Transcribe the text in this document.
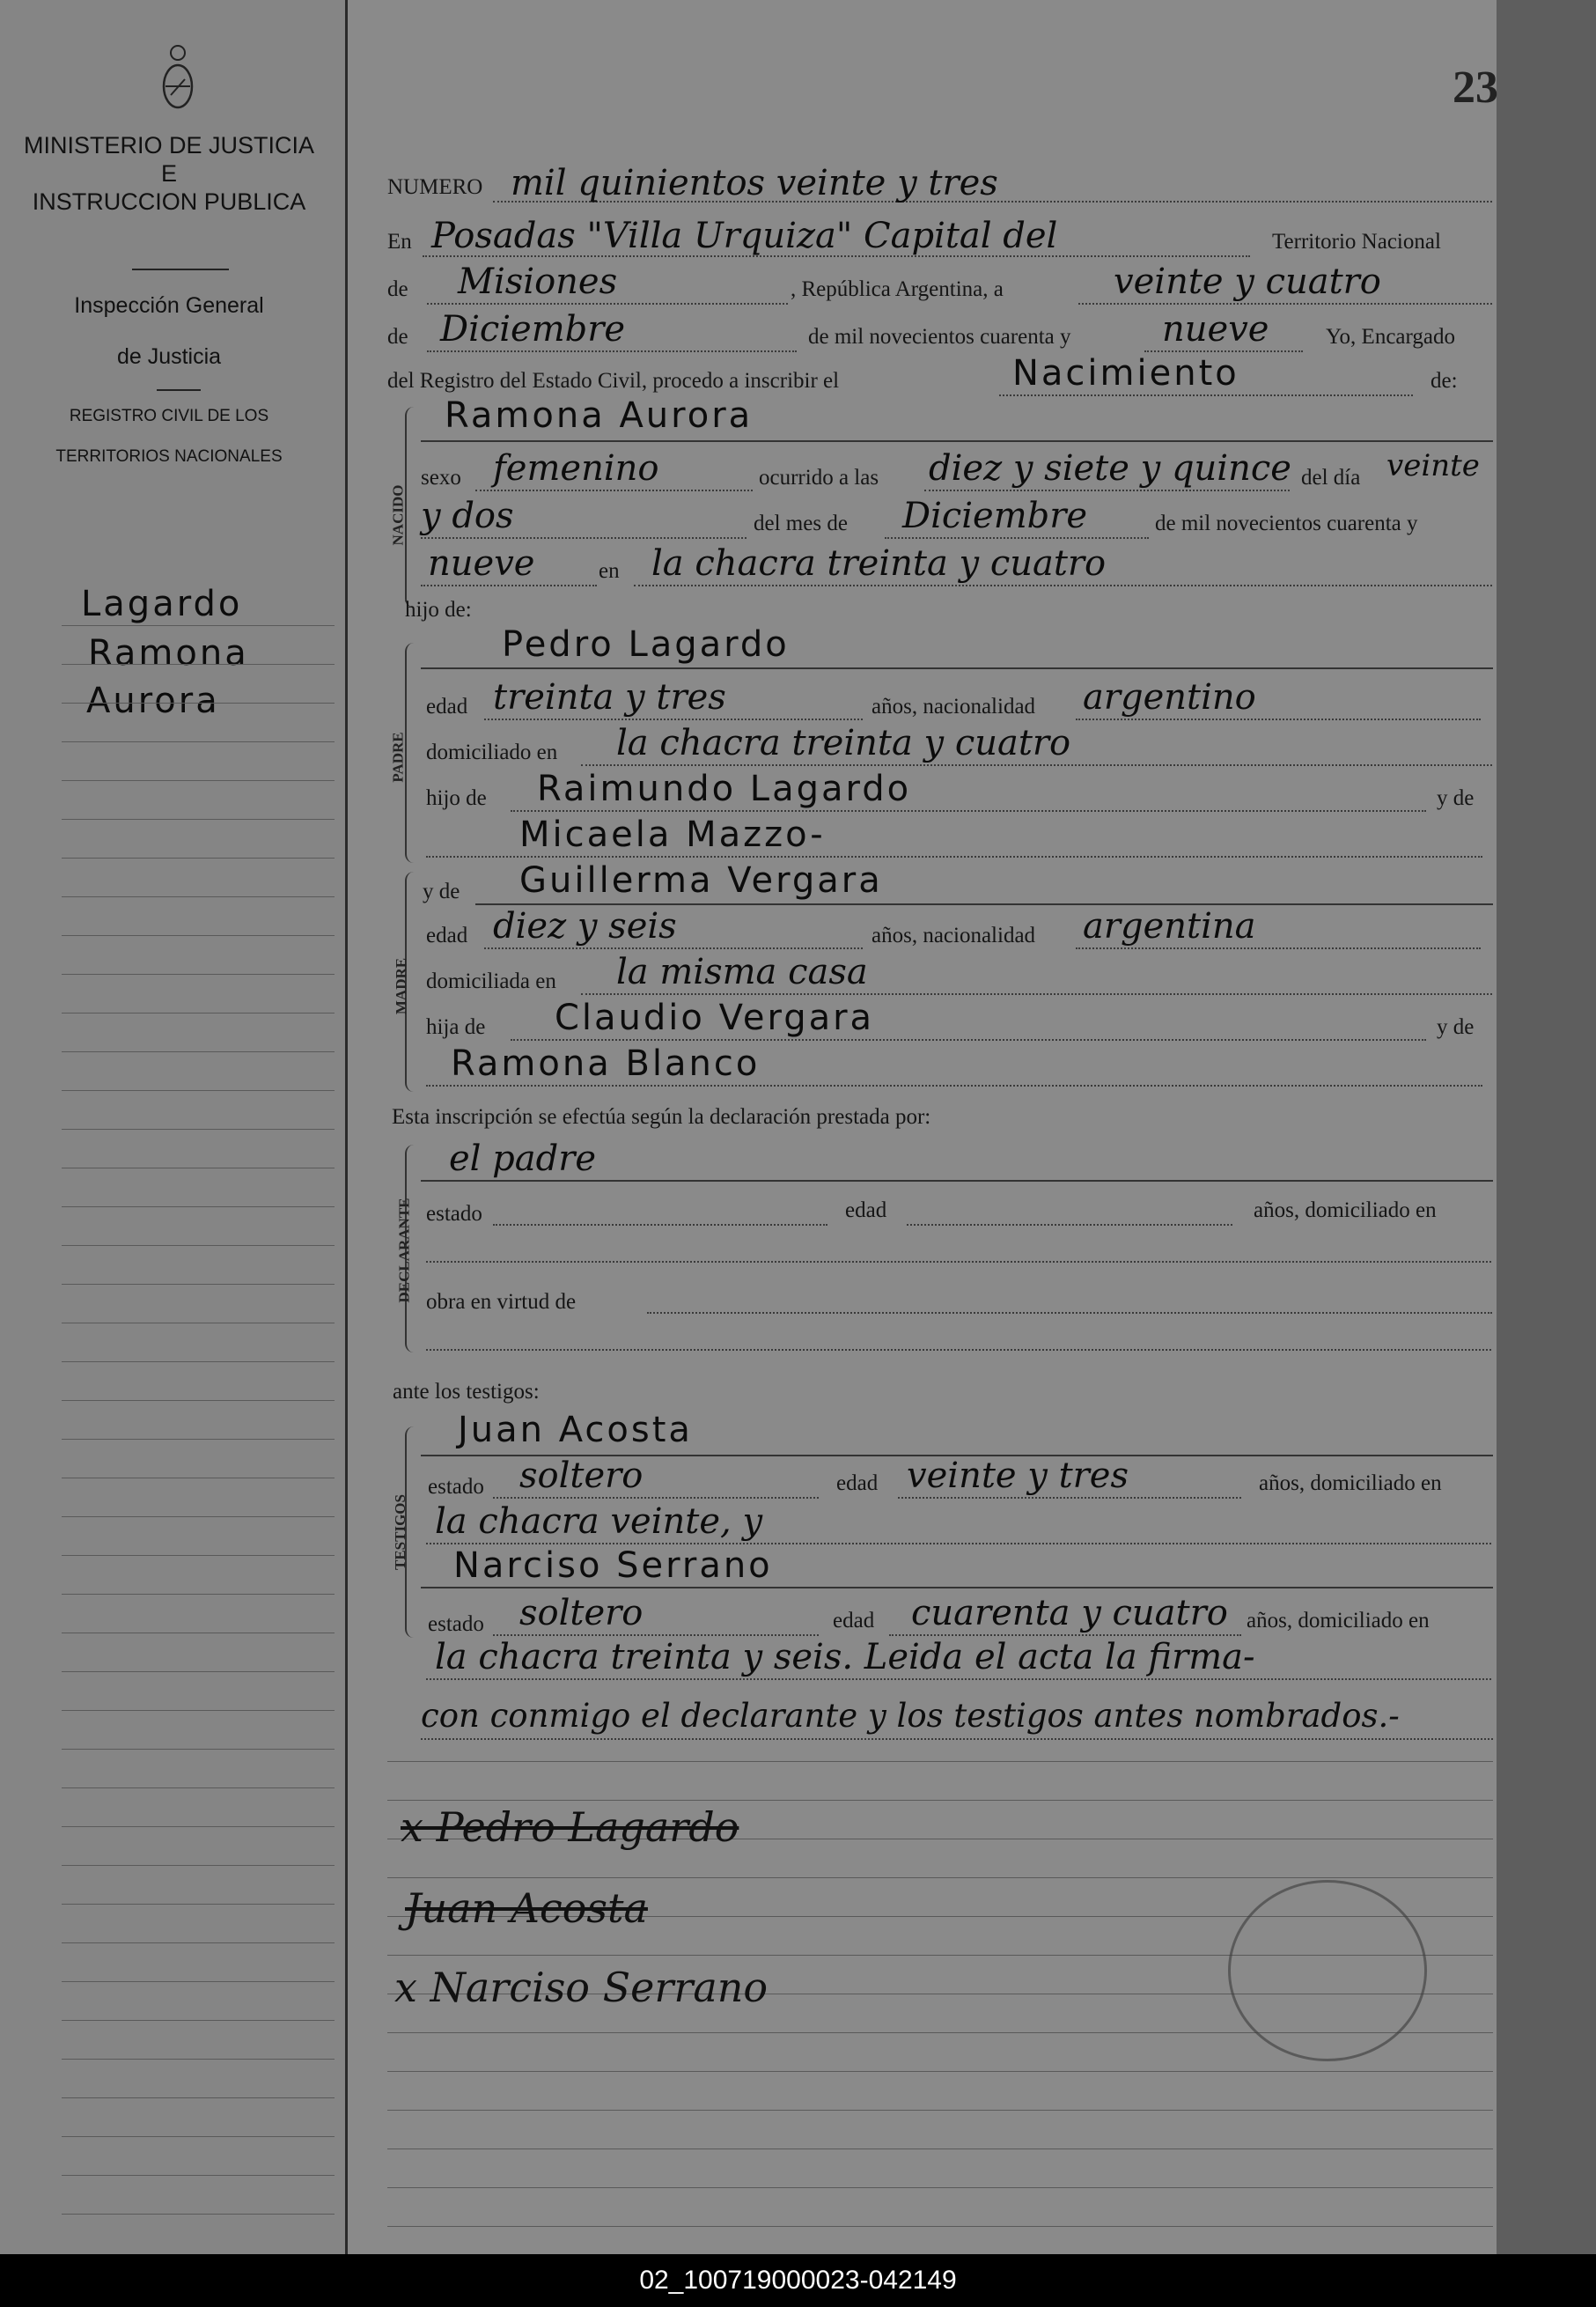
MINISTERIO DE JUSTICIA
E
INSTRUCCION PUBLICA
Inspección General
de Justicia
REGISTRO CIVIL DE LOS
TERRITORIOS NACIONALES
Lagardo
Ramona
Aurora
23
NUMERO mil quinientos veinte y tres
En Posadas "Villa Urquiza" Capital del	Territorio Nacional
de Misiones	, República Argentina, a	veinte y cuatro
de Diciembre	de mil novecientos cuarenta y	nueve	Yo, Encargado
del Registro del Estado Civil, procedo a inscribir el	Nacimiento	de:
NACIDO
Ramona Aurora
sexo femenino	ocurrido a las diez y siete y quince del día veinte
y dos	del mes de Diciembre	de mil novecientos cuarenta y
nueve	en la chacra treinta y cuatro
hijo de:
PADRE
Pedro Lagardo
edad treinta y tres	años, nacionalidad argentino
domiciliado en la chacra treinta y cuatro
hijo de Raimundo Lagardo	y de
Micaela Mazzo-
MADRE
y de Guillerma Vergara
edad diez y seis	años, nacionalidad argentina
domiciliada en la misma casa
hija de Claudio Vergara	y de
Ramona Blanco
Esta inscripción se efectúa según la declaración prestada por:
DECLARANTE
el padre
estado	edad	años, domiciliado en
obra en virtud de
ante los testigos:
TESTIGOS
Juan Acosta
estado soltero	edad veinte y tres	años, domiciliado en
la chacra veinte, y
Narciso Serrano
estado soltero	edad cuarenta y cuatro años, domiciliado en
la chacra treinta y seis. Leida el acta la firma-
con conmigo el declarante y los testigos antes nombrados.-
x Pedro Lagardo
Juan Acosta
x Narciso Serrano
02_100719000023-042149
